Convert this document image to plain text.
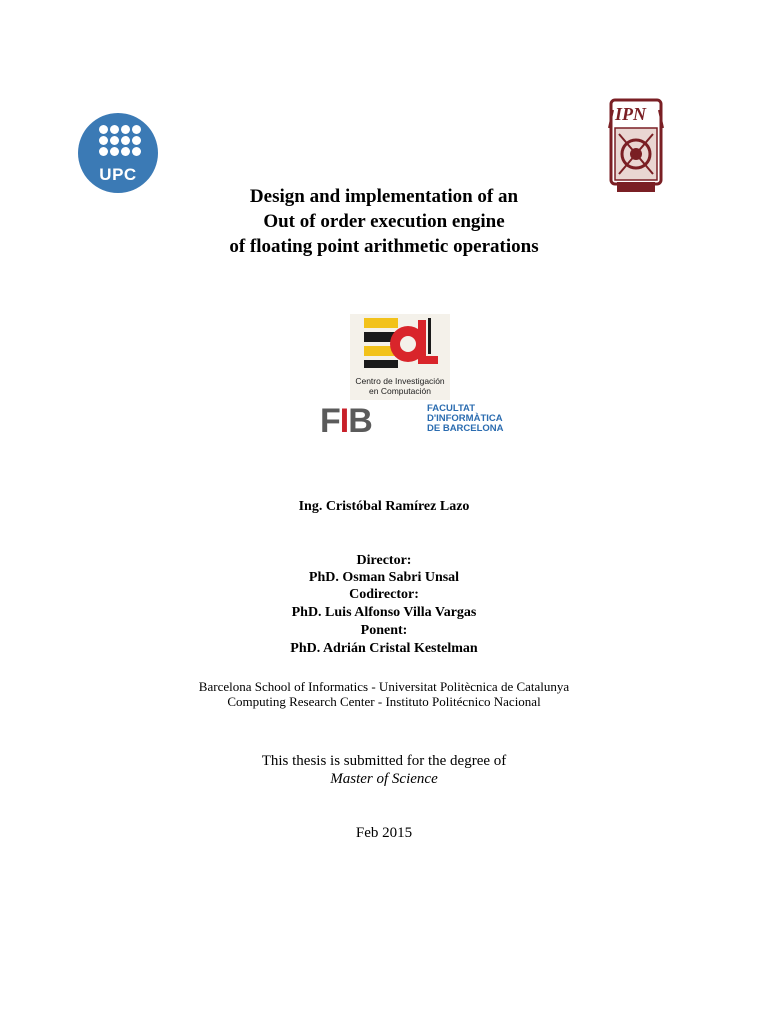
UPC
IPN
Design and implementation of an
Out of order execution engine
of floating point arithmetic operations
Centro de Investigación
en Computación
FIB	FACULTAT
D'INFORMÀTICA
DE BARCELONA
Ing. Cristóbal Ramírez Lazo
Director:
PhD. Osman Sabri Unsal
Codirector:
PhD. Luis Alfonso Villa Vargas
Ponent:
PhD. Adrián Cristal Kestelman
Barcelona School of Informatics - Universitat Politècnica de Catalunya
Computing Research Center - Instituto Politécnico Nacional
This thesis is submitted for the degree of
Master of Science
Feb 2015
